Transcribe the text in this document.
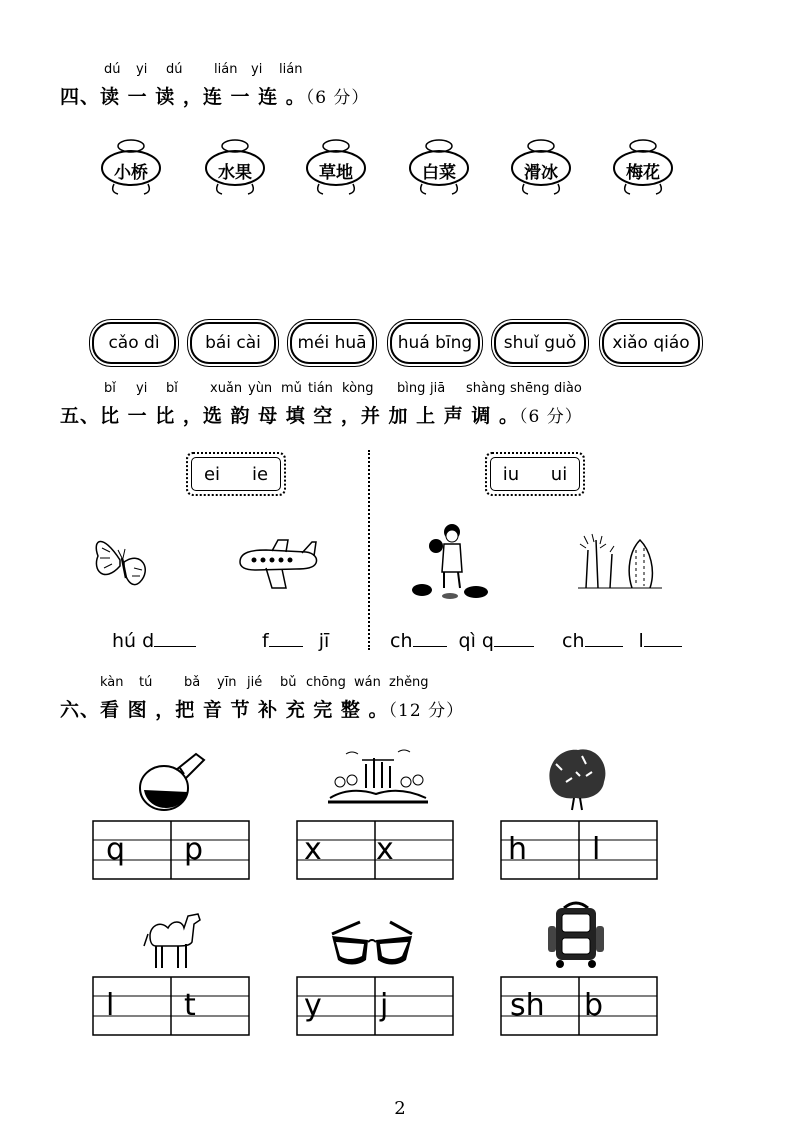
dú yi dú lián yi lián
四、读 一 读 ，连 一 连 。（6 分）
小桥	水果	草地	白菜	滑冰	梅花
cǎo dì	bái cài	méi huā	huá bīng	shuǐ guǒ	xiǎo qiáo
bǐ yi bǐ xuǎn yùn mǔ tián kòng bìng jiā shàng shēng diào
五、比 一 比 ，选 韵 母 填 空 ，并 加 上 声 调 。（6 分）
ei ie	iu ui
hú d	f	jī	ch qì q	ch	l
kàn tú bǎ yīn jié bǔ chōng wán zhěng
六、看 图 ，把 音 节 补 充 完 整 。（12 分）
q p	x x	h l
l t	y j	sh b
2
